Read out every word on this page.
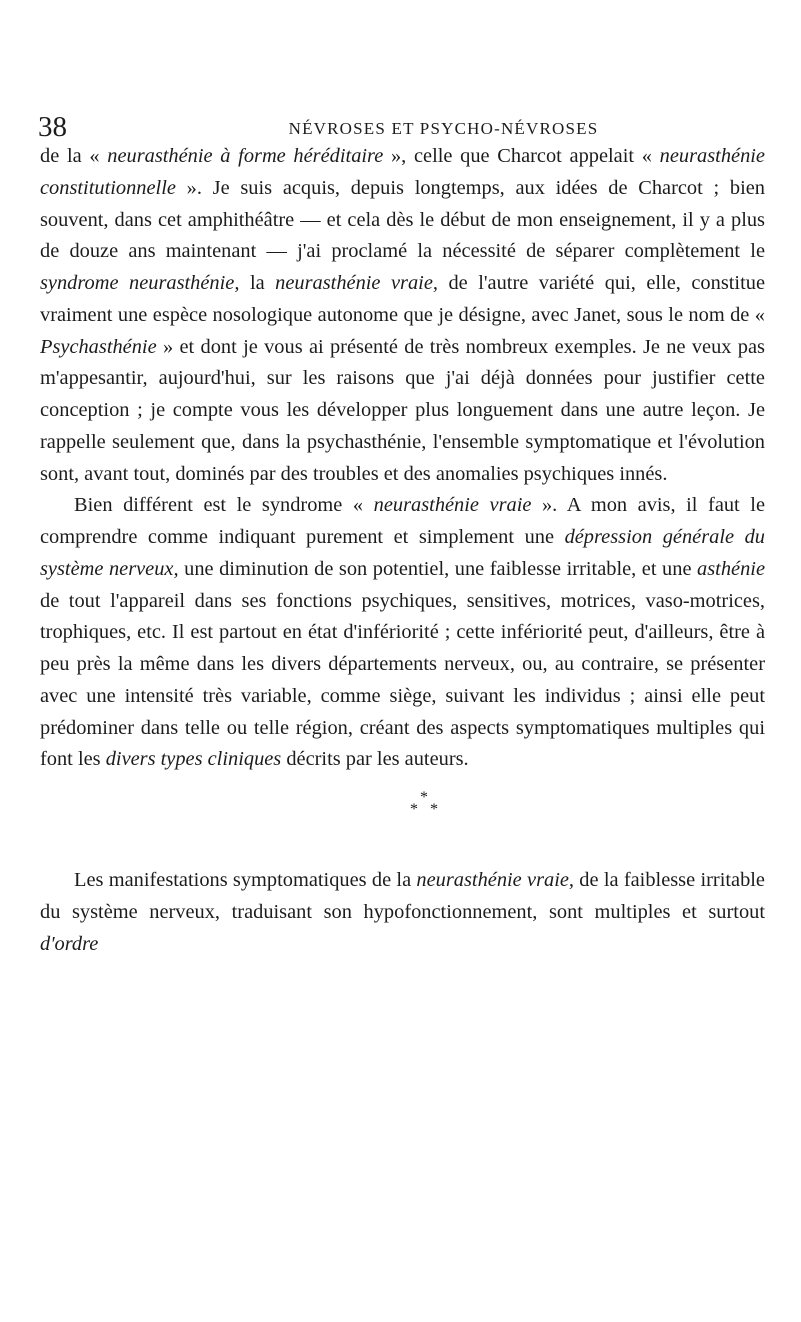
38	NÉVROSES ET PSYCHO-NÉVROSES

de la « neurasthénie à forme héréditaire », celle que Charcot appelait « neurasthénie constitutionnelle ». Je suis acquis, depuis longtemps, aux idées de Charcot ; bien souvent, dans cet amphithéâtre — et cela dès le début de mon enseignement, il y a plus de douze ans maintenant — j'ai proclamé la nécessité de séparer complètement le syndrome neurasthénie, la neurasthénie vraie, de l'autre variété qui, elle, constitue vraiment une espèce nosologique autonome que je désigne, avec Janet, sous le nom de « Psychasthénie » et dont je vous ai présenté de très nombreux exemples. Je ne veux pas m'appesantir, aujourd'hui, sur les raisons que j'ai déjà données pour justifier cette conception ; je compte vous les développer plus longuement dans une autre leçon. Je rappelle seulement que, dans la psychasthénie, l'ensemble symptomatique et l'évolution sont, avant tout, dominés par des troubles et des anomalies psychiques innés.

Bien différent est le syndrome « neurasthénie vraie ». A mon avis, il faut le comprendre comme indiquant purement et simplement une dépression générale du système nerveux, une diminution de son potentiel, une faiblesse irritable, et une asthénie de tout l'appareil dans ses fonctions psychiques, sensitives, motrices, vaso-motrices, trophiques, etc. Il est partout en état d'infériorité ; cette infériorité peut, d'ailleurs, être à peu près la même dans les divers départements nerveux, ou, au contraire, se présenter avec une intensité très variable, comme siège, suivant les individus ; ainsi elle peut prédominer dans telle ou telle région, créant des aspects symptomatiques multiples qui font les divers types cliniques décrits par les auteurs.

*
* *

Les manifestations symptomatiques de la neurasthénie vraie, de la faiblesse irritable du système nerveux, traduisant son hypofonctionnement, sont multiples et surtout d'ordre
